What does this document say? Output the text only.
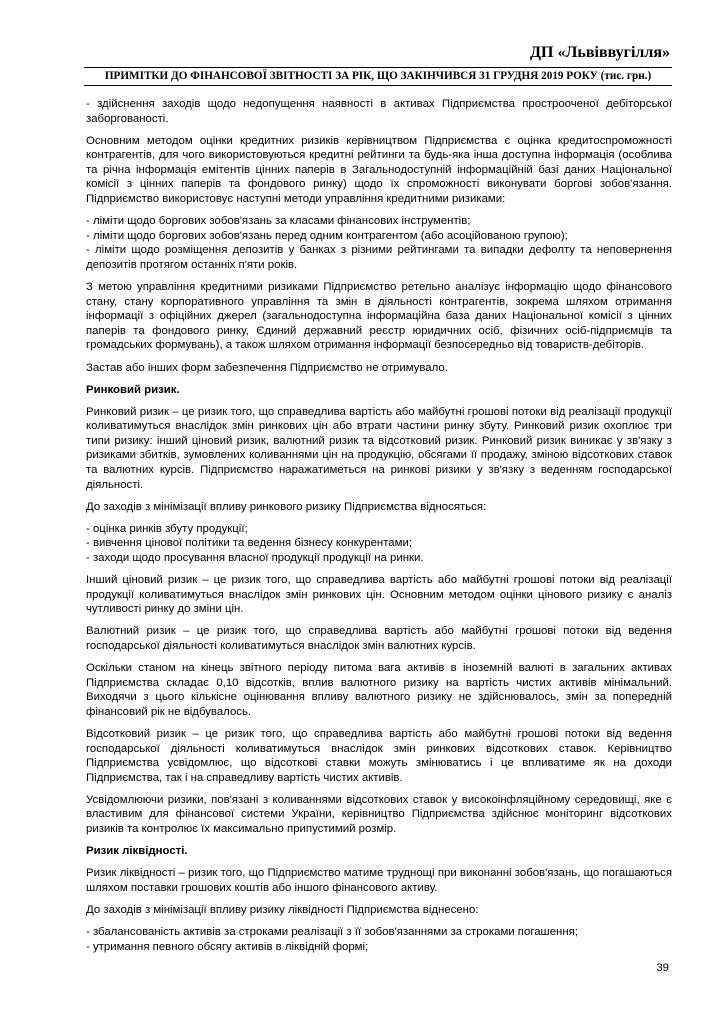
ДП «Львіввугілля»
ПРИМІТКИ ДО ФІНАНСОВОЇ ЗВІТНОСТІ ЗА РІК, ЩО ЗАКІНЧИВСЯ 31 ГРУДНЯ 2019 РОКУ (тис. грн.)

- здійснення заходів щодо недопущення наявності в активах Підприємства прострооченої дебіторської заборгованості.

Основним методом оцінки кредитних ризиків керівництвом Підприємства є оцінка кредитоспроможності контрагентів, для чого використовуються кредитні рейтинги та будь-яка інша доступна інформація (особлива та річна інформація емітентів цінних паперів в Загальнодоступній інформаційній базі даних Національної комісії з цінних паперів та фондового ринку) щодо їх спроможності виконувати боргові зобов'язання. Підприємство використовує наступні методи управління кредитними ризиками:

- ліміти щодо боргових зобов'язань за класами фінансових інструментів;
- ліміти щодо боргових зобов'язань перед одним контрагентом (або асоційованою групою);
- ліміти щодо розміщення депозитів у банках з різними рейтингами та випадки дефолту та неповернення депозитів протягом останніх п'яти років.

З метою управління кредитними ризиками Підприємство ретельно аналізує інформацію щодо фінансового стану, стану корпоративного управління та змін в діяльності контрагентів, зокрема шляхом отримання інформації з офіційних джерел (загальнодоступна інформаційна база даних Національної комісії з цінних паперів та фондового ринку, Єдиний державний реєстр юридичних осіб, фізичних осіб-підприємців та громадських формувань), а також шляхом отримання інформації безпосередньо від товариств-дебіторів.

Застав або інших форм забезпечення Підприємство не отримувало.

Ринковий ризик.

Ринковий ризик – це ризик того, що справедлива вартість або майбутні грошові потоки від реалізації продукції коливатимуться внаслідок змін ринкових цін або втрати частини ринку збуту. Ринковий ризик охоплює три типи ризику: інший ціновий ризик, валютний ризик та відсотковий ризик. Ринковий ризик виникає у зв'язку з ризиками збитків, зумовлених коливаннями цін на продукцію, обсягами її продажу, зміною відсоткових ставок та валютних курсів. Підприємство наражатиметься на ринкові ризики у зв'язку з веденням господарської діяльності.

До заходів з мінімізації впливу ринкового ризику Підприємства відносяться:

- оцінка ринків збуту продукції;
- вивчення цінової політики та ведення бізнесу конкурентами;
- заходи щодо просування власної продукції продукції на ринки.

Інший ціновий ризик – це ризик того, що справедлива вартість або майбутні грошові потоки від реалізації продукції коливатимуться внаслідок змін ринкових цін. Основним методом оцінки цінового ризику є аналіз чутливості ринку до зміни цін.

Валютний ризик – це ризик того, що справедлива вартість або майбутні грошові потоки від ведення господарської діяльності коливатимуться внаслідок змін валютних курсів.

Оскільки станом на кінець звітного періоду питома вага активів в іноземній валюті в загальних активах Підприємства складає 0,10 відсотків, вплив валютного ризику на вартість чистих активів мінімальний. Виходячи з цього кількісне оцінювання впливу валютного ризику не здійснювалось, змін за попередній фінансовий рік не відбувалось.

Відсотковий ризик – це ризик того, що справедлива вартість або майбутні грошові потоки від ведення господарської діяльності коливатимуться внаслідок змін ринкових відсоткових ставок. Керівництво Підприємства усвідомлює, що відсоткові ставки можуть змінюватись і це впливатиме як на доходи Підприємства, так і на справедливу вартість чистих активів.

Усвідомлюючи ризики, пов'язані з коливаннями відсоткових ставок у високоінфляційному середовищі, яке є властивим для фінансової системи України, керівництво Підприємства здійснює моніторинг відсоткових ризиків та контролює їх максимально припустимий розмір.

Ризик ліквідності.

Ризик ліквідності – ризик того, що Підприємство матиме труднощі при виконанні зобов'язань, що погашаються шляхом поставки грошових коштів або іншого фінансового активу.

До заходів з мінімізації впливу ризику ліквідності Підприємства віднесено:

- збалансованість активів за строками реалізації з її зобов'язаннями за строками погашення;
- утримання певного обсягу активів в ліквідній формі;

39
